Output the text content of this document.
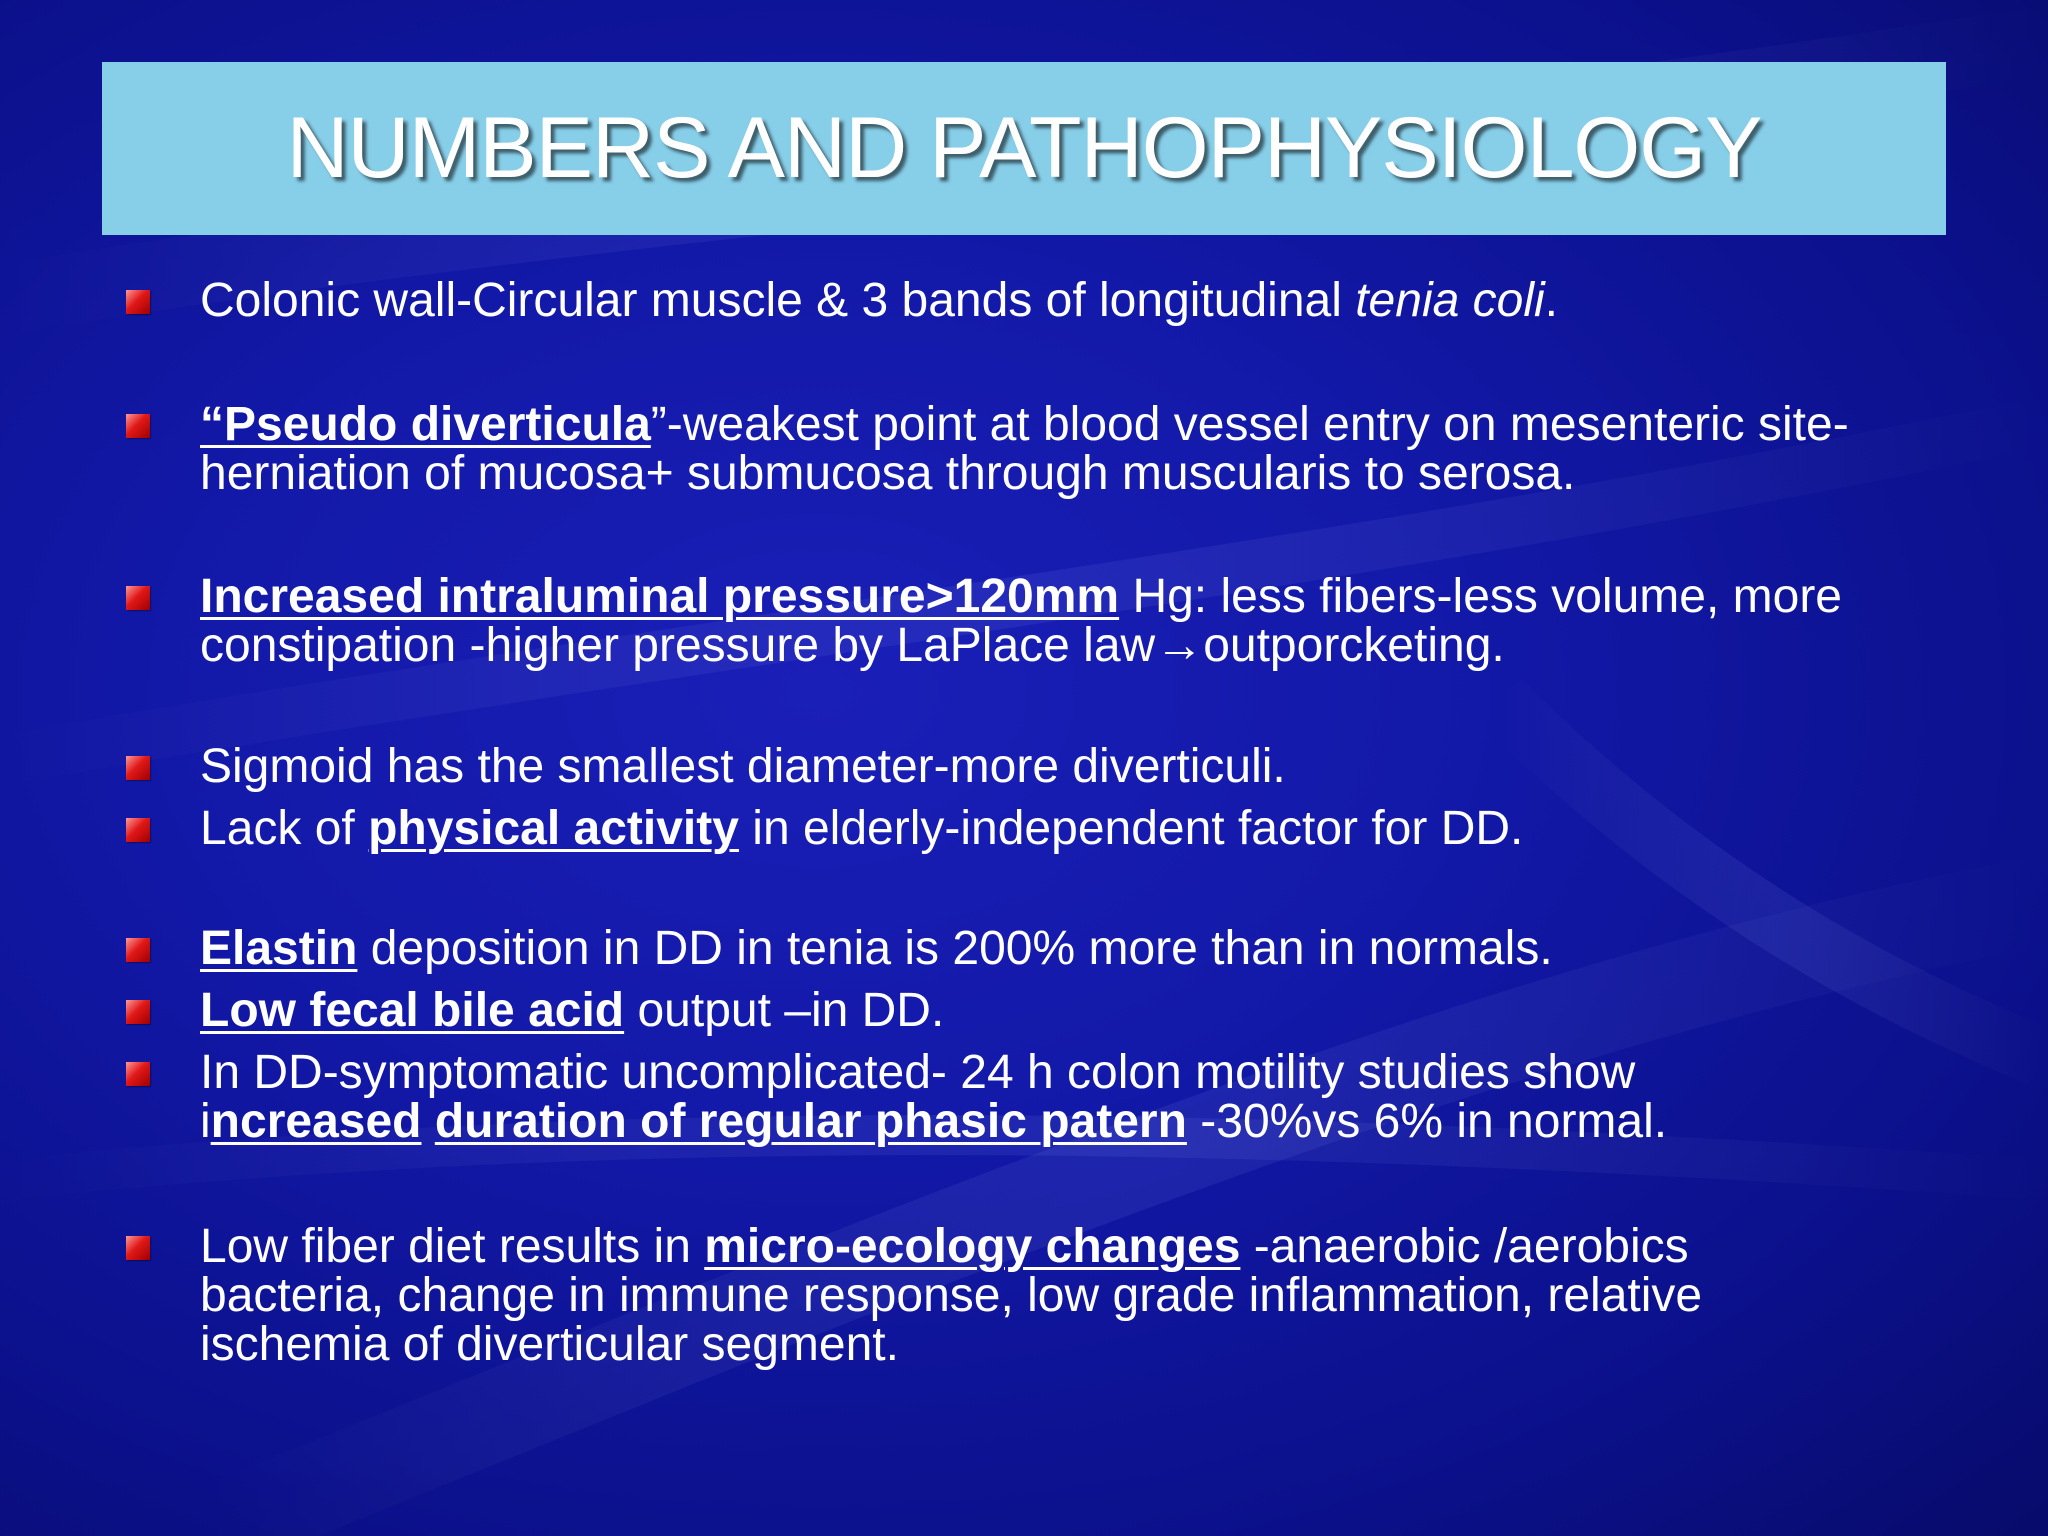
NUMBERS AND PATHOPHYSIOLOGY
Colonic wall-Circular muscle & 3 bands of longitudinal tenia coli.
“Pseudo diverticula”-weakest point at blood vessel entry on mesenteric site-
herniation of mucosa+ submucosa through muscularis to serosa.
Increased intraluminal pressure>120mm Hg: less fibers-less volume, more
constipation -higher pressure by LaPlace law→outporcketing.
Sigmoid has the smallest diameter-more diverticuli.
Lack of physical activity in elderly-independent factor for DD.
Elastin deposition in DD in tenia is 200% more than in normals.
Low fecal bile acid output –in DD.
In DD-symptomatic uncomplicated- 24 h colon motility studies show
increased duration of regular phasic patern -30%vs 6% in normal.
Low fiber diet results in micro-ecology changes -anaerobic /aerobics
bacteria, change in immune response, low grade inflammation, relative
ischemia of diverticular segment.
